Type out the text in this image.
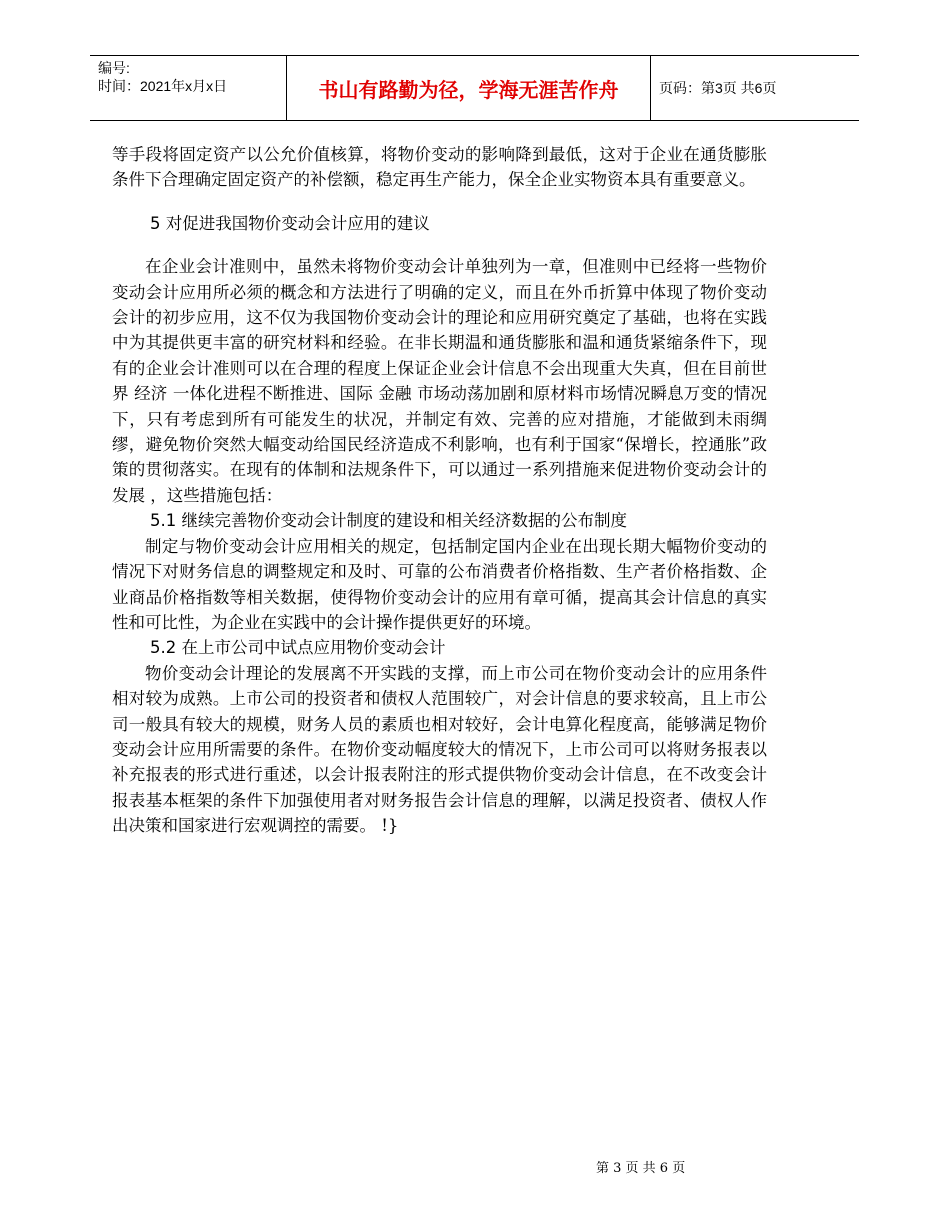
编号:
时间：2021年x月x日	书山有路勤为径，学海无涯苦作舟	页码：第3页 共6页

等手段将固定资产以公允价值核算，将物价变动的影响降到最低，这对于企业在通货膨胀条件下合理确定固定资产的补偿额，稳定再生产能力，保全企业实物资本具有重要意义。

5 对促进我国物价变动会计应用的建议

在企业会计准则中，虽然未将物价变动会计单独列为一章，但准则中已经将一些物价变动会计应用所必须的概念和方法进行了明确的定义，而且在外币折算中体现了物价变动会计的初步应用，这不仅为我国物价变动会计的理论和应用研究奠定了基础，也将在实践中为其提供更丰富的研究材料和经验。在非长期温和通货膨胀和温和通货紧缩条件下，现有的企业会计准则可以在合理的程度上保证企业会计信息不会出现重大失真，但在目前世界 经济 一体化进程不断推进、国际 金融 市场动荡加剧和原材料市场情况瞬息万变的情况下，只有考虑到所有可能发生的状况，并制定有效、完善的应对措施，才能做到未雨绸缪，避免物价突然大幅变动给国民经济造成不利影响，也有利于国家“保增长，控通胀”政策的贯彻落实。在现有的体制和法规条件下，可以通过一系列措施来促进物价变动会计的 发展 ，这些措施包括：

5.1 继续完善物价变动会计制度的建设和相关经济数据的公布制度

制定与物价变动会计应用相关的规定，包括制定国内企业在出现长期大幅物价变动的情况下对财务信息的调整规定和及时、可靠的公布消费者价格指数、生产者价格指数、企业商品价格指数等相关数据，使得物价变动会计的应用有章可循，提高其会计信息的真实性和可比性，为企业在实践中的会计操作提供更好的环境。

5.2 在上市公司中试点应用物价变动会计

物价变动会计理论的发展离不开实践的支撑，而上市公司在物价变动会计的应用条件相对较为成熟。上市公司的投资者和债权人范围较广，对会计信息的要求较高，且上市公司一般具有较大的规模，财务人员的素质也相对较好，会计电算化程度高，能够满足物价变动会计应用所需要的条件。在物价变动幅度较大的情况下，上市公司可以将财务报表以补充报表的形式进行重述，以会计报表附注的形式提供物价变动会计信息，在不改变会计报表基本框架的条件下加强使用者对财务报告会计信息的理解，以满足投资者、债权人作出决策和国家进行宏观调控的需要。 !}

第 3 页 共 6 页
